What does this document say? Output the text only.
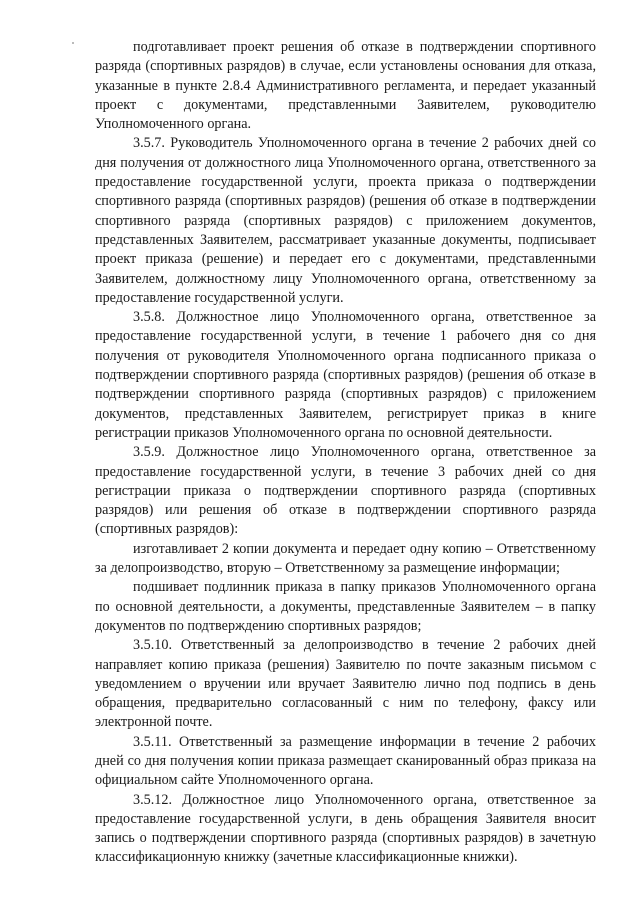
подготавливает проект решения об отказе в подтверждении спортивного разряда (спортивных разрядов) в случае, если установлены основания для отказа, указанные в пункте 2.8.4 Административного регламента, и передает указанный проект с документами, представленными Заявителем, руководителю Уполномоченного органа.

3.5.7. Руководитель Уполномоченного органа в течение 2 рабочих дней со дня получения от должностного лица Уполномоченного органа, ответственного за предоставление государственной услуги, проекта приказа о подтверждении спортивного разряда (спортивных разрядов) (решения об отказе в подтверждении спортивного разряда (спортивных разрядов) с приложением документов, представленных Заявителем, рассматривает указанные документы, подписывает проект приказа (решение) и передает его с документами, представленными Заявителем, должностному лицу Уполномоченного органа, ответственному за предоставление государственной услуги.

3.5.8. Должностное лицо Уполномоченного органа, ответственное за предоставление государственной услуги, в течение 1 рабочего дня со дня получения от руководителя Уполномоченного органа подписанного приказа о подтверждении спортивного разряда (спортивных разрядов) (решения об отказе в подтверждении спортивного разряда (спортивных разрядов) с приложением документов, представленных Заявителем, регистрирует приказ в книге регистрации приказов Уполномоченного органа по основной деятельности.

3.5.9. Должностное лицо Уполномоченного органа, ответственное за предоставление государственной услуги, в течение 3 рабочих дней со дня регистрации приказа о подтверждении спортивного разряда (спортивных разрядов) или решения об отказе в подтверждении спортивного разряда (спортивных разрядов):

изготавливает 2 копии документа и передает одну копию – Ответственному за делопроизводство, вторую – Ответственному за размещение информации;

подшивает подлинник приказа в папку приказов Уполномоченного органа по основной деятельности, а документы, представленные Заявителем – в папку документов по подтверждению спортивных разрядов;

3.5.10. Ответственный за делопроизводство в течение 2 рабочих дней направляет копию приказа (решения) Заявителю по почте заказным письмом с уведомлением о вручении или вручает Заявителю лично под подпись в день обращения, предварительно согласованный с ним по телефону, факсу или электронной почте.

3.5.11. Ответственный за размещение информации в течение 2 рабочих дней со дня получения копии приказа размещает сканированный образ приказа на официальном сайте Уполномоченного органа.

3.5.12. Должностное лицо Уполномоченного органа, ответственное за предоставление государственной услуги, в день обращения Заявителя вносит запись о подтверждении спортивного разряда (спортивных разрядов) в зачетную классификационную книжку (зачетные классификационные книжки).
